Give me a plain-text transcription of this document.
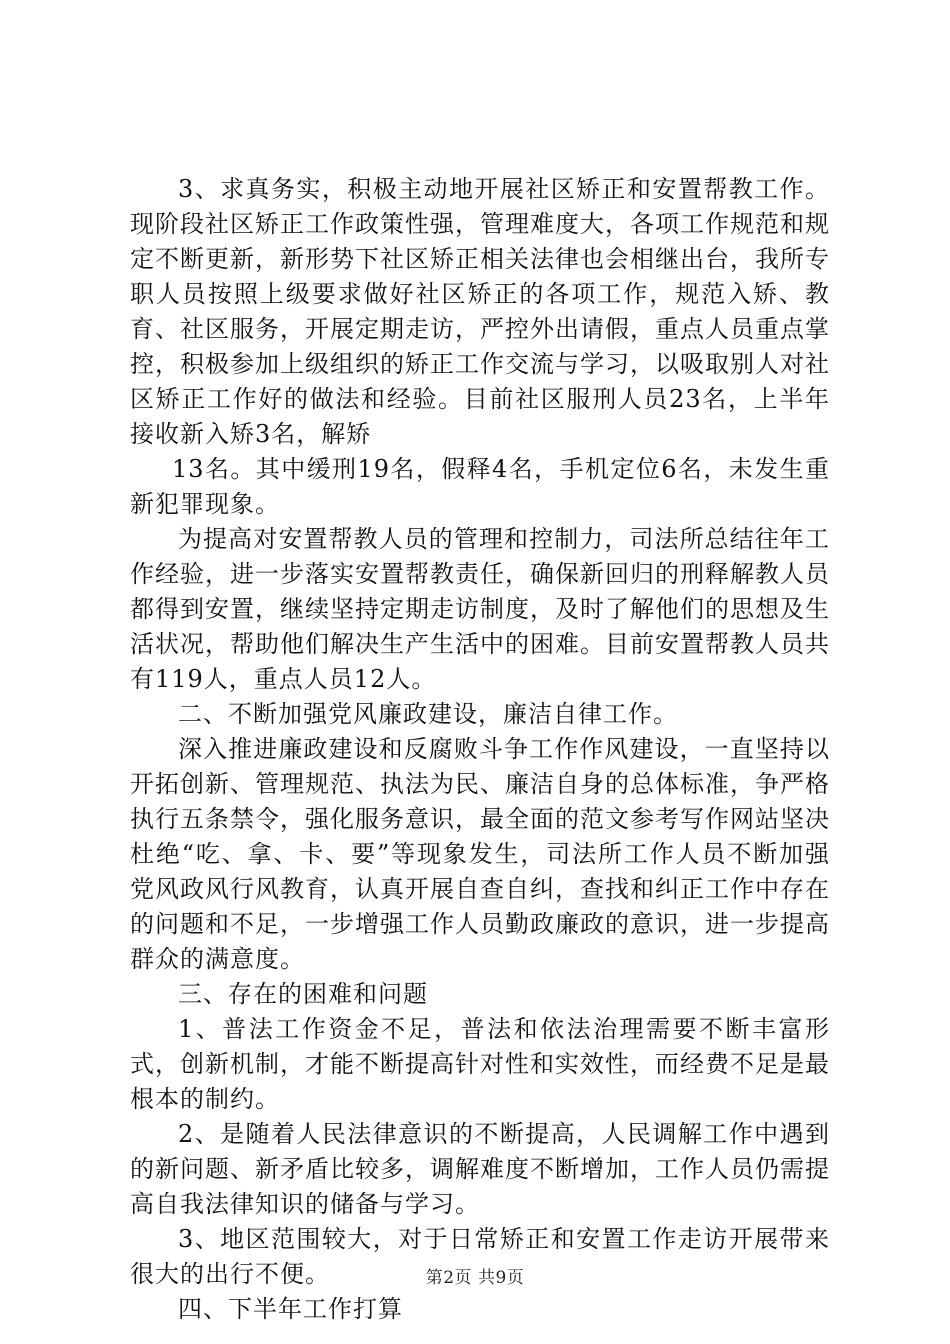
3、求真务实，积极主动地开展社区矫正和安置帮教工作。现阶段社区矫正工作政策性强，管理难度大，各项工作规范和规定不断更新，新形势下社区矫正相关法律也会相继出台，我所专职人员按照上级要求做好社区矫正的各项工作，规范入矫、教育、社区服务，开展定期走访，严控外出请假，重点人员重点掌控，积极参加上级组织的矫正工作交流与学习，以吸取别人对社区矫正工作好的做法和经验。目前社区服刑人员23名，上半年接收新入矫3名，解矫

13名。其中缓刑19名，假释4名，手机定位6名，未发生重新犯罪现象。

为提高对安置帮教人员的管理和控制力，司法所总结往年工作经验，进一步落实安置帮教责任，确保新回归的刑释解教人员都得到安置，继续坚持定期走访制度，及时了解他们的思想及生活状况，帮助他们解决生产生活中的困难。目前安置帮教人员共有119人，重点人员12人。

二、不断加强党风廉政建设，廉洁自律工作。

深入推进廉政建设和反腐败斗争工作作风建设，一直坚持以开拓创新、管理规范、执法为民、廉洁自身的总体标准，争严格执行五条禁令，强化服务意识，最全面的范文参考写作网站坚决杜绝“吃、拿、卡、要”等现象发生，司法所工作人员不断加强党风政风行风教育，认真开展自查自纠，查找和纠正工作中存在的问题和不足，一步增强工作人员勤政廉政的意识，进一步提高群众的满意度。

三、存在的困难和问题

1、普法工作资金不足，普法和依法治理需要不断丰富形式，创新机制，才能不断提高针对性和实效性，而经费不足是最根本的制约。

2、是随着人民法律意识的不断提高，人民调解工作中遇到的新问题、新矛盾比较多，调解难度不断增加，工作人员仍需提高自我法律知识的储备与学习。

3、地区范围较大，对于日常矫正和安置工作走访开展带来很大的出行不便。

四、下半年工作打算

第2页 共9页
